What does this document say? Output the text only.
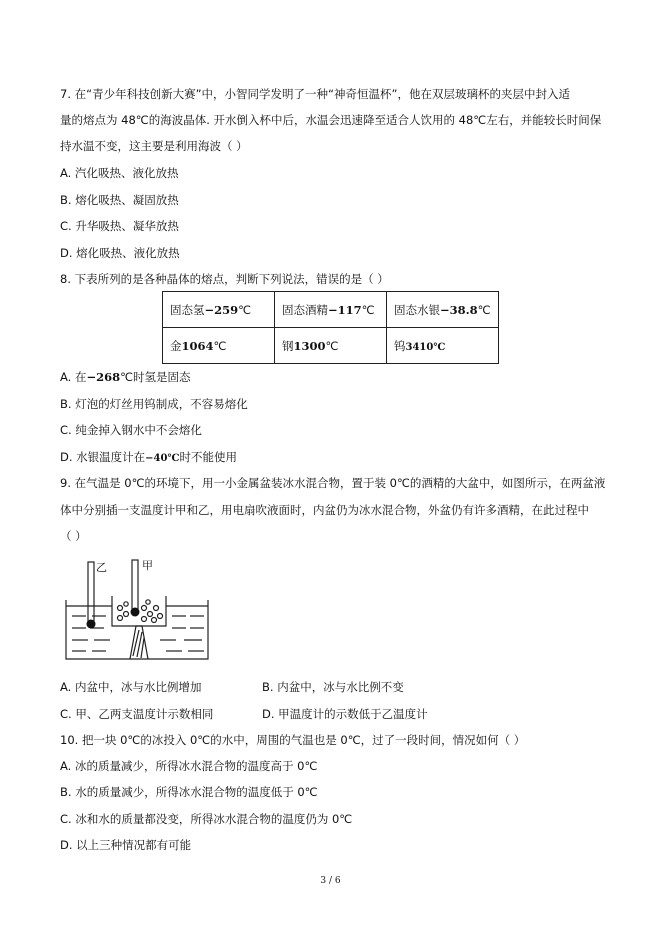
7. 在“青少年科技创新大赛”中，小智同学发明了一种“神奇恒温杯”，他在双层玻璃杯的夹层中封入适
量的熔点为 48℃的海波晶体. 开水倒入杯中后，水温会迅速降至适合人饮用的 48℃左右，并能较长时间保
持水温不变，这主要是利用海波（ ）
A. 汽化吸热、液化放热
B. 熔化吸热、凝固放热
C. 升华吸热、凝华放热
D. 熔化吸热、液化放热
8. 下表所列的是各种晶体的熔点，判断下列说法，错误的是（ ）
固态氢−259℃	固态酒精−117℃	固态水银−38.8℃
金1064℃	钢1300℃	钨3410℃
A. 在−268℃时氢是固态
B. 灯泡的灯丝用钨制成，不容易熔化
C. 纯金掉入钢水中不会熔化
D. 水银温度计在−40℃时不能使用
9. 在气温是 0℃的环境下，用一小金属盆装冰水混合物，置于装 0℃的酒精的大盆中，如图所示，在两盆液
体中分别插一支温度计甲和乙，用电扇吹液面时，内盆仍为冰水混合物，外盆仍有许多酒精，在此过程中
（ ）
乙	甲
A. 内盆中，冰与水比例增加	B. 内盆中，冰与水比例不变
C. 甲、乙两支温度计示数相同	D. 甲温度计的示数低于乙温度计
10. 把一块 0℃的冰投入 0℃的水中，周围的气温也是 0℃，过了一段时间，情况如何（ ）
A. 冰的质量减少，所得冰水混合物的温度高于 0℃
B. 水的质量减少，所得冰水混合物的温度低于 0℃
C. 冰和水的质量都没变，所得冰水混合物的温度仍为 0℃
D. 以上三种情况都有可能
3 / 6
